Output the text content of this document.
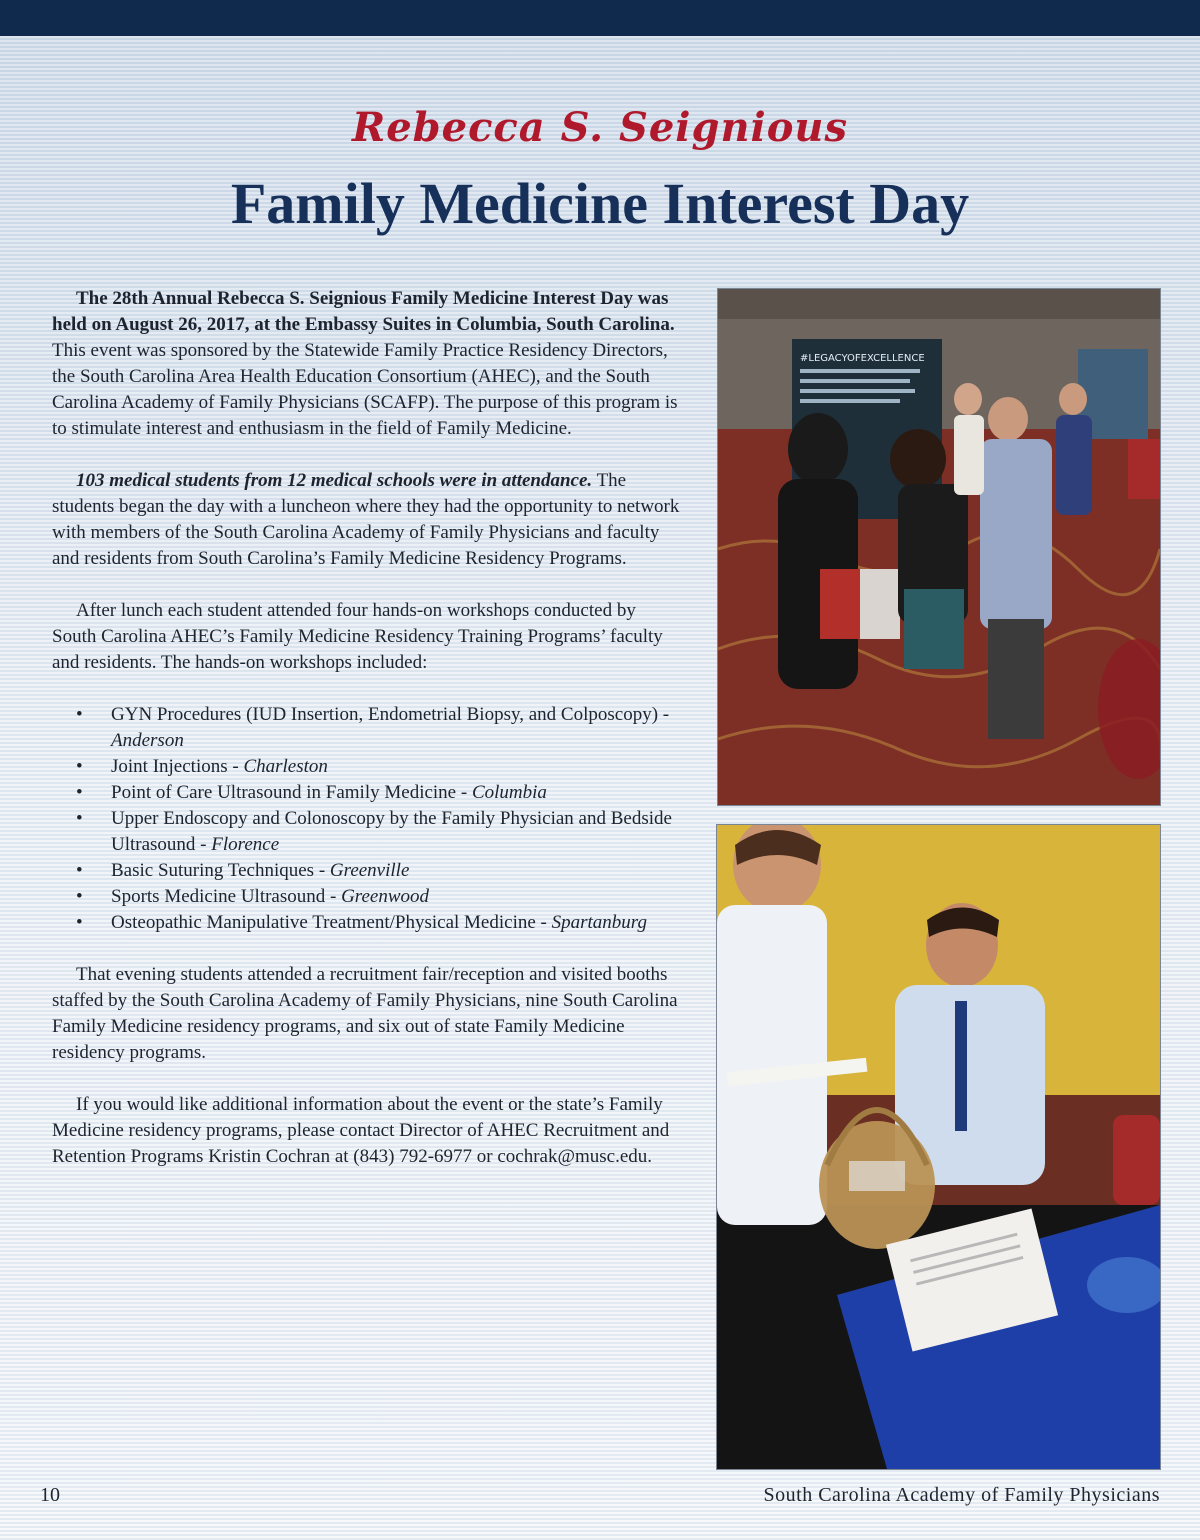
Rebecca S. Seignious
Family Medicine Interest Day

The 28th Annual Rebecca S. Seignious Family Medicine Interest Day was held on August 26, 2017, at the Embassy Suites in Columbia, South Carolina. This event was sponsored by the Statewide Family Practice Residency Directors, the South Carolina Area Health Education Consortium (AHEC), and the South Carolina Academy of Family Physicians (SCAFP). The purpose of this program is to stimulate interest and enthusiasm in the field of Family Medicine.

103 medical students from 12 medical schools were in attendance. The students began the day with a luncheon where they had the opportunity to network with members of the South Carolina Academy of Family Physicians and faculty and residents from South Carolina’s Family Medicine Residency Programs.

After lunch each student attended four hands-on workshops conducted by South Carolina AHEC’s Family Medicine Residency Training Programs’ faculty and residents. The hands-on workshops included:

• GYN Procedures (IUD Insertion, Endometrial Biopsy, and Colposcopy) - Anderson
• Joint Injections - Charleston
• Point of Care Ultrasound in Family Medicine - Columbia
• Upper Endoscopy and Colonoscopy by the Family Physician and Bedside Ultrasound - Florence
• Basic Suturing Techniques - Greenville
• Sports Medicine Ultrasound - Greenwood
• Osteopathic Manipulative Treatment/Physical Medicine - Spartanburg

That evening students attended a recruitment fair/reception and visited booths staffed by the South Carolina Academy of Family Physicians, nine South Carolina Family Medicine residency programs, and six out of state Family Medicine residency programs.

If you would like additional information about the event or the state’s Family Medicine residency programs, please contact Director of AHEC Recruitment and Retention Programs Kristin Cochran at (843) 792-6977 or cochrak@musc.edu.

#LEGACYOFEXCELLENCE
10	South Carolina Academy of Family Physicians
